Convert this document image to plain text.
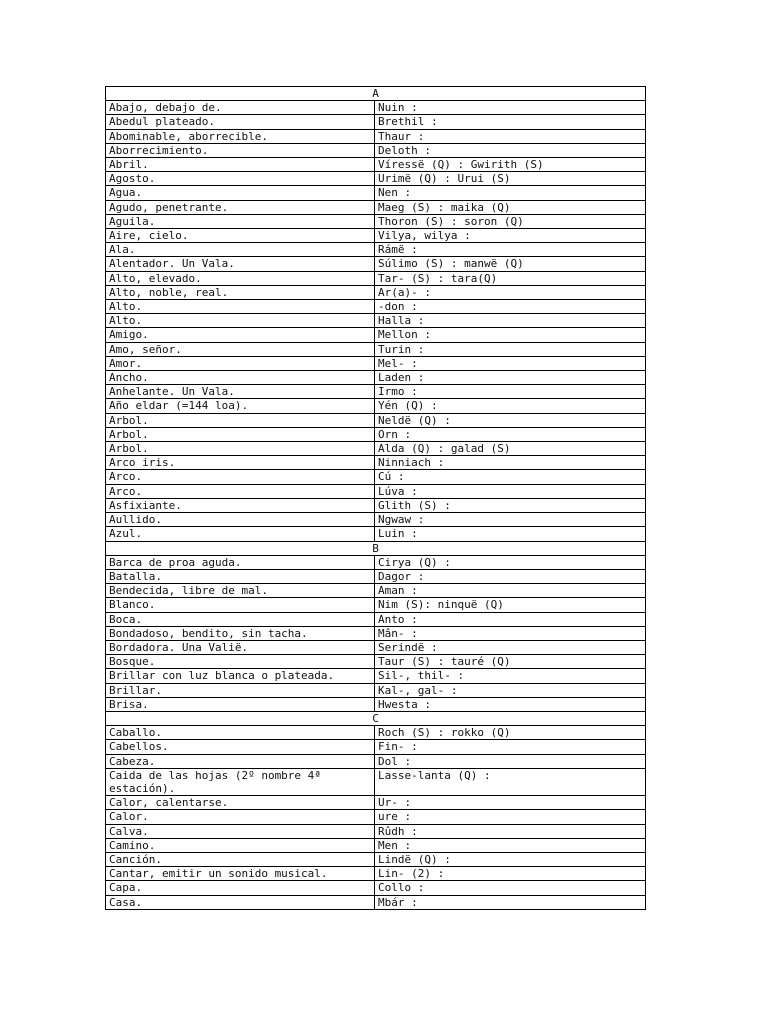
A	
Abajo, debajo de.	Nuin :
Abedul plateado.	Brethil :
Abominable, aborrecible.	Thaur :
Aborrecimiento.	Deloth :
Abril.	Víressë (Q) : Gwirith (S)
Agosto.	Urimë (Q) : Urui (S)
Agua.	Nen :
Agudo, penetrante.	Maeg (S) : maika (Q)
Aguila.	Thoron (S) : soron (Q)
Aire, cielo.	Vilya, wilya :
Ala.	Rámë :
Alentador. Un Vala.	Súlimo (S) : manwë (Q)
Alto, elevado.	Tar- (S) : tara(Q)
Alto, noble, real.	Ar(a)- :
Alto.	-don :
Alto.	Halla :
Amigo.	Mellon :
Amo, señor.	Turin :
Amor.	Mel- :
Ancho.	Laden :
Anhelante. Un Vala.	Irmo :
Año eldar (=144 loa).	Yén (Q) :
Arbol.	Neldë (Q) :
Arbol.	Orn :
Arbol.	Alda (Q) : galad (S)
Arco iris.	Ninniach :
Arco.	Cú :
Arco.	Lúva :
Asfixiante.	Glith (S) :
Aullido.	Ngwaw :
Azul.	Luin :
B	
Barca de proa aguda.	Cirya (Q) :
Batalla.	Dagor :
Bendecida, libre de mal.	Aman :
Blanco.	Nim (S): ninquë (Q)
Boca.	Anto :
Bondadoso, bendito, sin tacha.	Mân- :
Bordadora. Una Valië.	Serindë :
Bosque.	Taur (S) : tauré (Q)
Brillar con luz blanca o plateada.	Sil-, thil- :
Brillar.	Kal-, gal- :
Brisa.	Hwesta :
C	
Caballo.	Roch (S) : rokko (Q)
Cabellos.	Fin- :
Cabeza.	Dol :
Caida de las hojas (2º nombre 4ª estación).	Lasse-lanta (Q) :
Calor, calentarse.	Ur- :
Calor.	ure :
Calva.	Rûdh :
Camino.	Men :
Canción.	Lindë (Q) :
Cantar, emitir un sonido musical.	Lin- (2) :
Capa.	Collo :
Casa.	Mbár :
